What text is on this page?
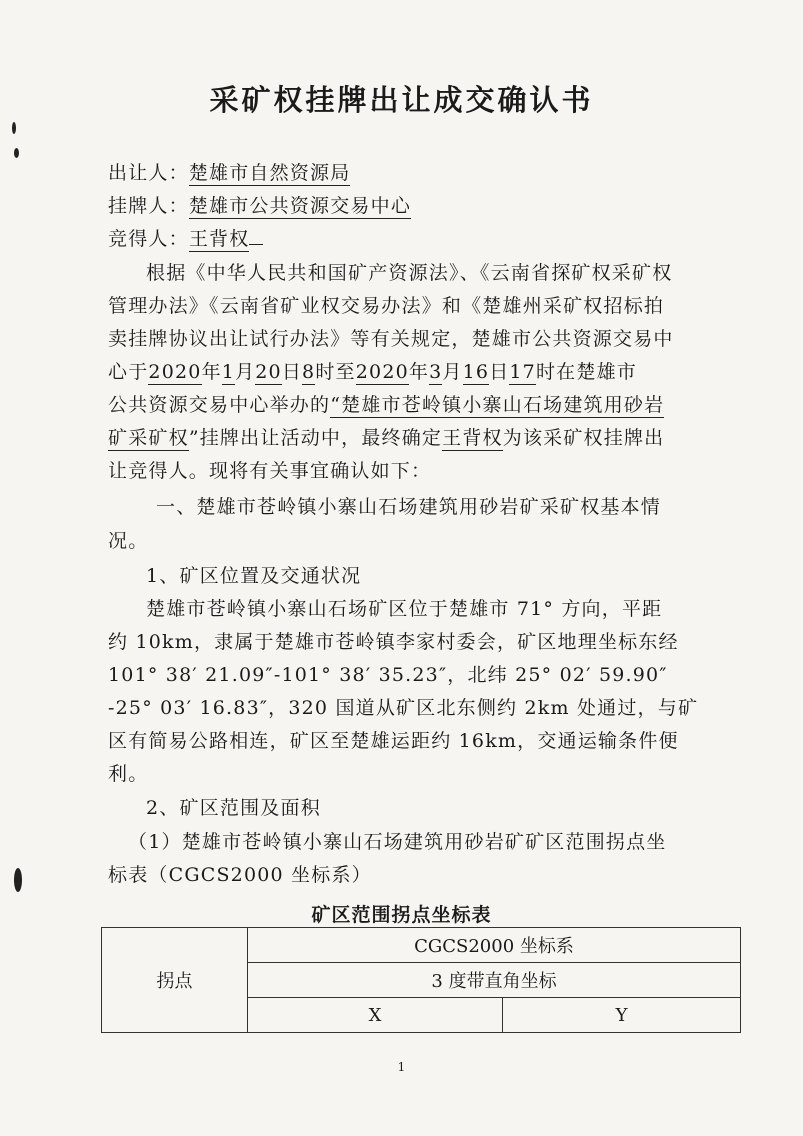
采矿权挂牌出让成交确认书
出让人：楚雄市自然资源局
挂牌人：楚雄市公共资源交易中心
竞得人：王背权
根据《中华人民共和国矿产资源法》、《云南省探矿权采矿权
管理办法》《云南省矿业权交易办法》和《楚雄州采矿权招标拍
卖挂牌协议出让试行办法》等有关规定，楚雄市公共资源交易中
心于2020年1月20日8时至2020年3月16日17时在楚雄市
公共资源交易中心举办的“楚雄市苍岭镇小寨山石场建筑用砂岩
矿采矿权”挂牌出让活动中，最终确定王背权为该采矿权挂牌出
让竞得人。现将有关事宜确认如下：
一、楚雄市苍岭镇小寨山石场建筑用砂岩矿采矿权基本情
况。
1、矿区位置及交通状况
楚雄市苍岭镇小寨山石场矿区位于楚雄市 71° 方向，平距
约 10km，隶属于楚雄市苍岭镇李家村委会，矿区地理坐标东经
101° 38′ 21.09″-101° 38′ 35.23″，北纬 25° 02′ 59.90″
-25° 03′ 16.83″，320 国道从矿区北东侧约 2km 处通过，与矿
区有简易公路相连，矿区至楚雄运距约 16km，交通运输条件便
利。
2、矿区范围及面积
（1）楚雄市苍岭镇小寨山石场建筑用砂岩矿矿区范围拐点坐
标表（CGCS2000 坐标系）
矿区范围拐点坐标表
拐点	CGCS2000 坐标系	
	3 度带直角坐标	
	X	Y
1
